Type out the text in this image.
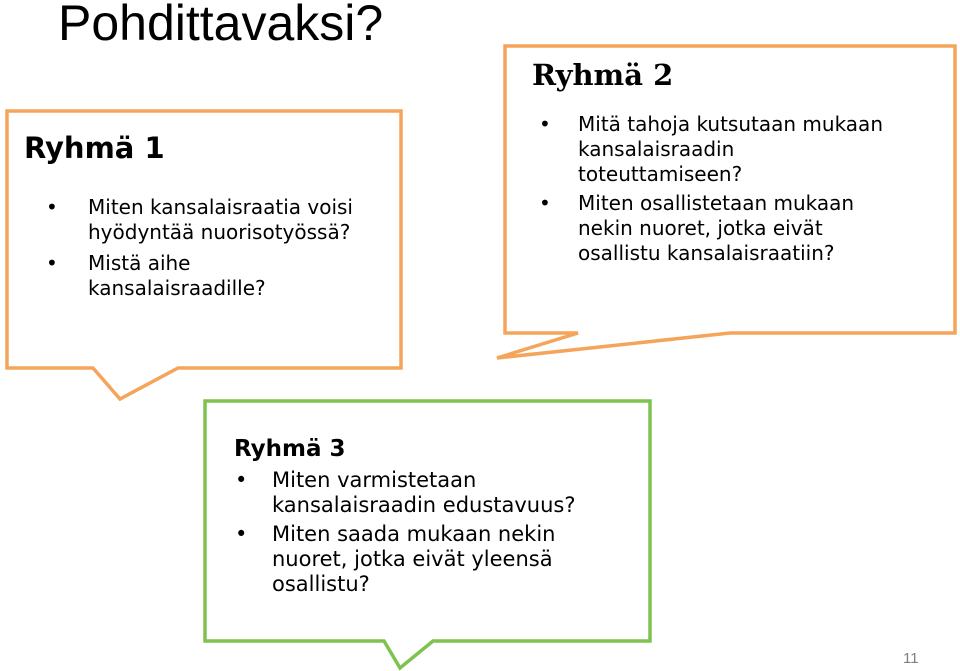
Pohdittavaksi?

Ryhmä 1

• Miten kansalaisraatia voisi
hyödyntää nuorisotyössä?
• Mistä aihe
kansalaisraadille?

Ryhmä 2

• Mitä tahoja kutsutaan mukaan
kansalaisraadin
toteuttamiseen?
• Miten osallistetaan mukaan
nekin nuoret, jotka eivät
osallistu kansalaisraatiin?

Ryhmä 3

• Miten varmistetaan
kansalaisraadin edustavuus?
• Miten saada mukaan nekin
nuoret, jotka eivät yleensä
osallistu?
11
